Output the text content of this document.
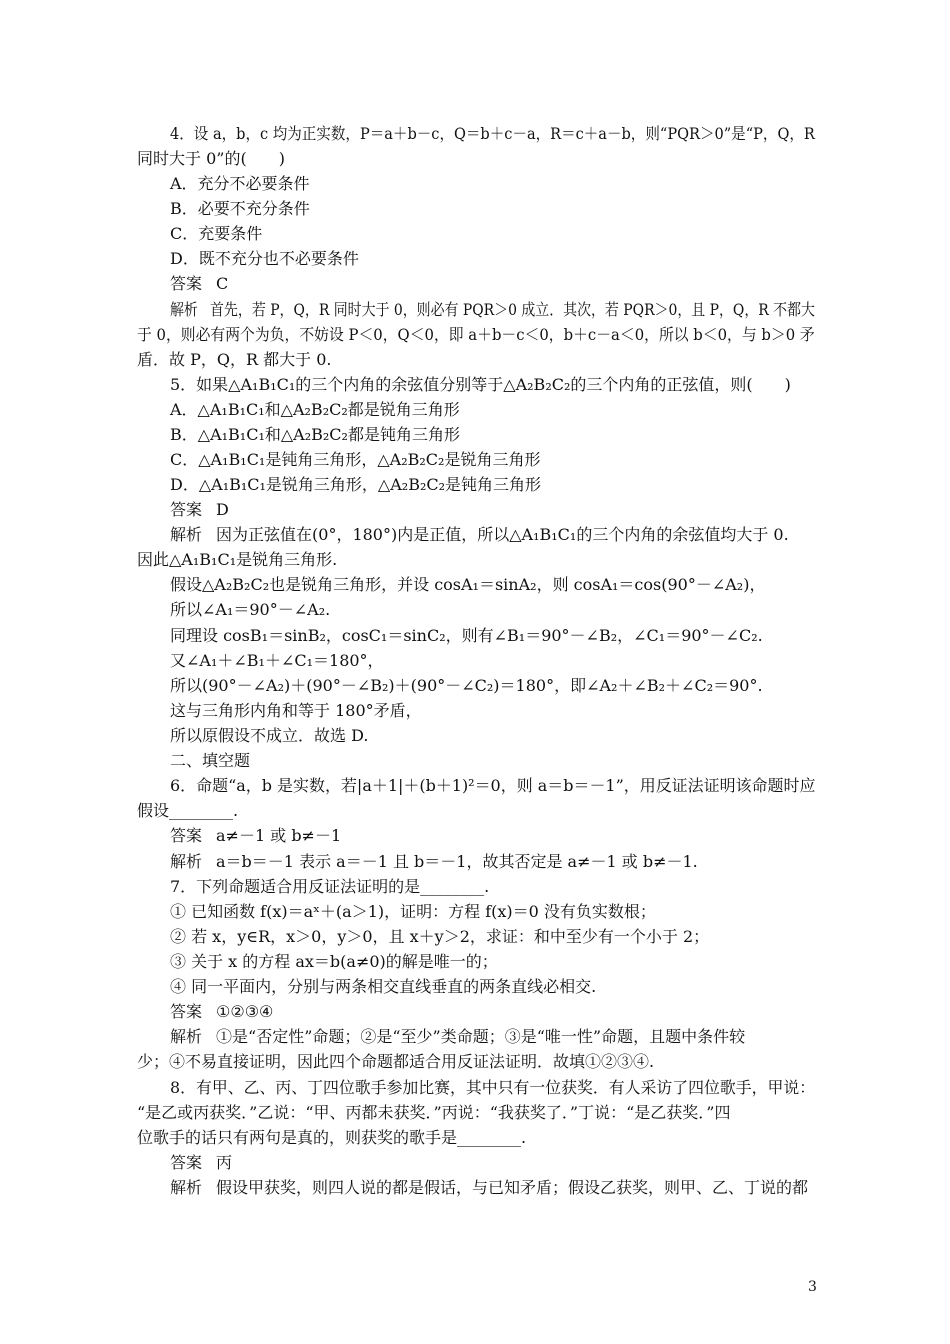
4．设 a，b，c 均为正实数，P＝a＋b－c，Q＝b＋c－a，R＝c＋a－b，则“PQR＞0”是“P，Q，R
同时大于 0”的(　　)
A．充分不必要条件
B．必要不充分条件
C．充要条件
D．既不充分也不必要条件
答案 C
解析 首先，若 P，Q，R 同时大于 0，则必有 PQR＞0 成立．其次，若 PQR＞0，且 P，Q，R 不都大
于 0，则必有两个为负，不妨设 P＜0，Q＜0，即 a＋b－c＜0，b＋c－a＜0，所以 b＜0，与 b＞0 矛
盾．故 P，Q，R 都大于 0.
5．如果△A₁B₁C₁的三个内角的余弦值分别等于△A₂B₂C₂的三个内角的正弦值，则(　　)
A．△A₁B₁C₁和△A₂B₂C₂都是锐角三角形
B．△A₁B₁C₁和△A₂B₂C₂都是钝角三角形
C．△A₁B₁C₁是钝角三角形，△A₂B₂C₂是锐角三角形
D．△A₁B₁C₁是锐角三角形，△A₂B₂C₂是钝角三角形
答案 D
解析 因为正弦值在(0°，180°)内是正值，所以△A₁B₁C₁的三个内角的余弦值均大于 0.
因此△A₁B₁C₁是锐角三角形.
假设△A₂B₂C₂也是锐角三角形，并设 cosA₁＝sinA₂，则 cosA₁＝cos(90°－∠A₂)，
所以∠A₁＝90°－∠A₂.
同理设 cosB₁＝sinB₂，cosC₁＝sinC₂，则有∠B₁＝90°－∠B₂，∠C₁＝90°－∠C₂.
又∠A₁＋∠B₁＋∠C₁＝180°，
所以(90°－∠A₂)＋(90°－∠B₂)＋(90°－∠C₂)＝180°，即∠A₂＋∠B₂＋∠C₂＝90°.
这与三角形内角和等于 180°矛盾，
所以原假设不成立．故选 D.
二、填空题
6．命题“a，b 是实数，若|a＋1|＋(b＋1)²＝0，则 a＝b＝－1”，用反证法证明该命题时应
假设________.
答案 a≠－1 或 b≠－1
解析 a＝b＝－1 表示 a＝－1 且 b＝－1，故其否定是 a≠－1 或 b≠－1.
7．下列命题适合用反证法证明的是________.
① 已知函数 f(x)＝aˣ＋(a＞1)，证明：方程 f(x)＝0 没有负实数根；
② 若 x，y∈R，x＞0，y＞0，且 x＋y＞2，求证：和中至少有一个小于 2；
③ 关于 x 的方程 ax＝b(a≠0)的解是唯一的；
④ 同一平面内，分别与两条相交直线垂直的两条直线必相交.
答案 ①②③④
解析 ①是“否定性”命题；②是“至少”类命题；③是“唯一性”命题，且题中条件较
少；④不易直接证明，因此四个命题都适合用反证法证明．故填①②③④.
8．有甲、乙、丙、丁四位歌手参加比赛，其中只有一位获奖．有人采访了四位歌手，甲说：
“是乙或丙获奖．”乙说：“甲、丙都未获奖．”丙说：“我获奖了．”丁说：“是乙获奖．”四
位歌手的话只有两句是真的，则获奖的歌手是________.
答案 丙
解析 假设甲获奖，则四人说的都是假话，与已知矛盾；假设乙获奖，则甲、乙、丁说的都
3
